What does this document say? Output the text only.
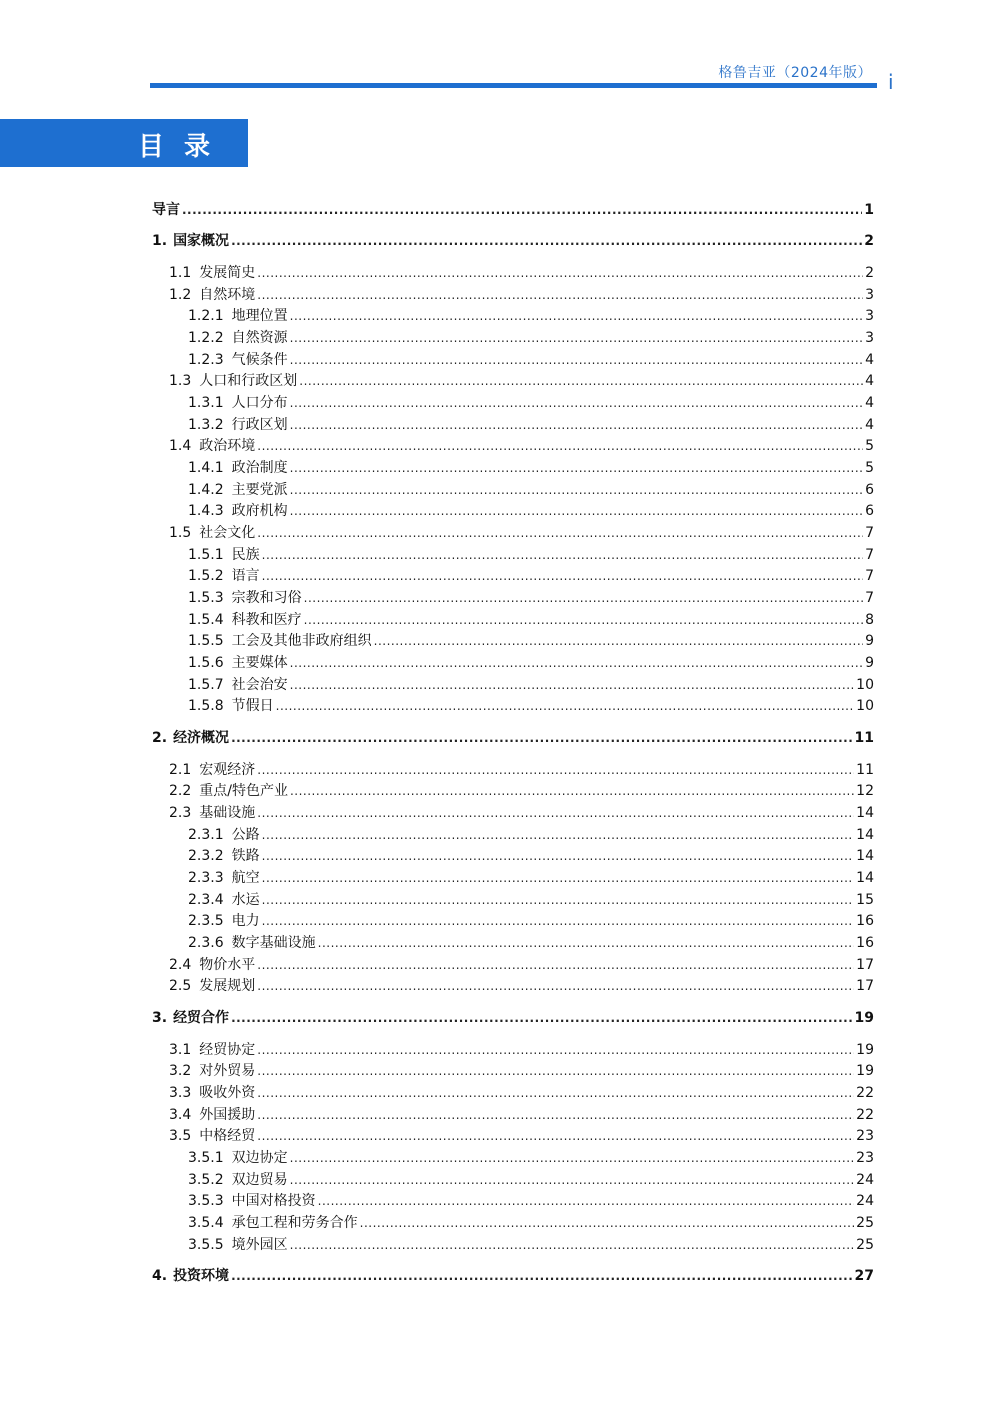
格鲁吉亚（2024年版） i
目录
导言 .....	1
1. 国家概况 .....	2
1.1 发展简史 .....	2
1.2 自然环境 .....	3
1.2.1 地理位置 .....	3
1.2.2 自然资源 .....	3
1.2.3 气候条件 .....	4
1.3 人口和行政区划 .....	4
1.3.1 人口分布 .....	4
1.3.2 行政区划 .....	4
1.4 政治环境 .....	5
1.4.1 政治制度 .....	5
1.4.2 主要党派 .....	6
1.4.3 政府机构 .....	6
1.5 社会文化 .....	7
1.5.1 民族 .....	7
1.5.2 语言 .....	7
1.5.3 宗教和习俗 .....	7
1.5.4 科教和医疗 .....	8
1.5.5 工会及其他非政府组织 .....	9
1.5.6 主要媒体 .....	9
1.5.7 社会治安 .....	10
1.5.8 节假日 .....	10
2. 经济概况 .....	11
2.1 宏观经济 .....	11
2.2 重点/特色产业 .....	12
2.3 基础设施 .....	14
2.3.1 公路 .....	14
2.3.2 铁路 .....	14
2.3.3 航空 .....	14
2.3.4 水运 .....	15
2.3.5 电力 .....	16
2.3.6 数字基础设施 .....	16
2.4 物价水平 .....	17
2.5 发展规划 .....	17
3. 经贸合作 .....	19
3.1 经贸协定 .....	19
3.2 对外贸易 .....	19
3.3 吸收外资 .....	22
3.4 外国援助 .....	22
3.5 中格经贸 .....	23
3.5.1 双边协定 .....	23
3.5.2 双边贸易 .....	24
3.5.3 中国对格投资 .....	24
3.5.4 承包工程和劳务合作 .....	25
3.5.5 境外园区 .....	25
4. 投资环境 .....	27
